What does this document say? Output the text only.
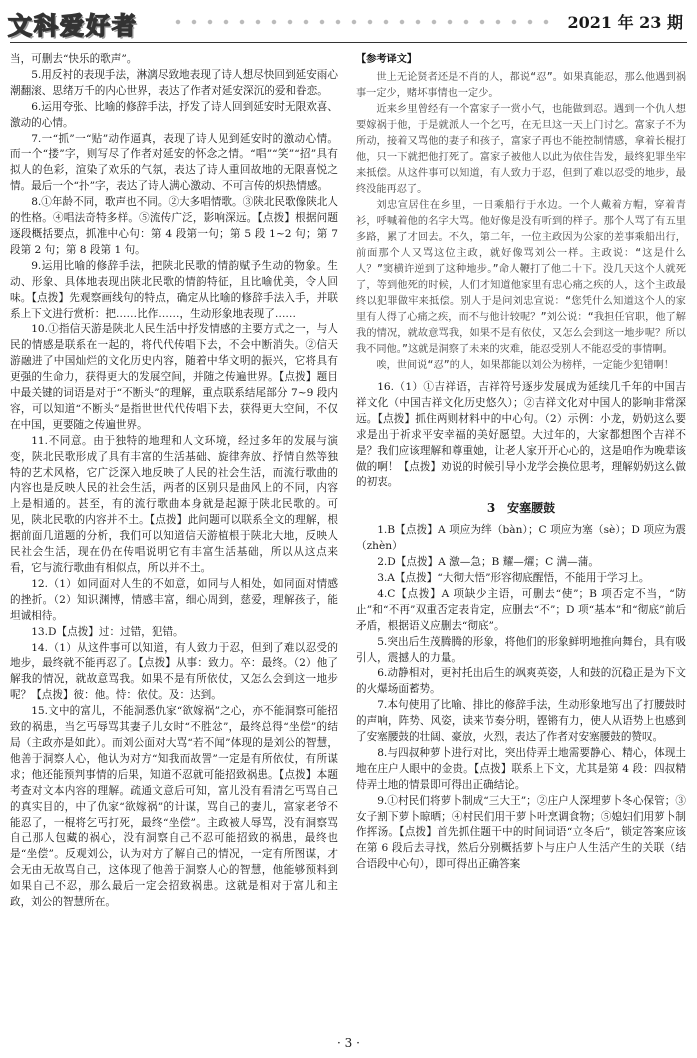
文科爱好者	2021 年 23 期

当，可删去“快乐的歌声”。

5.用反衬的表现手法，淋漓尽致地表现了诗人想尽快回到延安雨心潮翻滚、思绪万千的内心世界，表达了作者对延安深沉的爱和眷恋。

6.运用夸张、比喻的修辞手法，抒发了诗人回到延安时无限欢喜、激动的心情。

7.一“抓”一“贴”动作逼真，表现了诗人见到延安时的激动心情。而一个“搂”字，则写尽了作者对延安的怀念之情。“唱”“笑”“招”具有拟人的色彩，渲染了欢乐的气氛，表达了诗人重回故地的无限喜悦之情。最后一个“扑”字，表达了诗人满心激动、不可言传的炽热情感。

8.①年龄不同，歌声也不同。②大多唱情歌。③陕北民歌像陕北人的性格。④唱法奇特多样。⑤流传广泛，影响深远。【点拨】根据问题逐段概括要点，抓准中心句：第 4 段第一句；第 5 段 1~2 句；第 7 段第 2 句；第 8 段第 1 句。

9.运用比喻的修辞手法，把陕北民歌的情韵赋予生动的物象。生动、形象、具体地表现出陕北民歌的情韵特征，且比喻优美，令人回味。【点拨】先观察画线句的特点，确定从比喻的修辞手法入手，并联系上下文进行赏析：把……比作……，生动形象地表现了……

10.①指信天游是陕北人民生活中抒发情感的主要方式之一，与人民的情感是联系在一起的，将代代传唱下去，不会中断消失。②信天游融进了中国灿烂的文化历史内容，随着中华文明的振兴，它将具有更强的生命力，获得更大的发展空间，并随之传遍世界。【点拨】题目中最关键的词语是对于“不断头”的理解，重点联系结尾部分 7~9 段内容，可以知道“不断头”是指世世代代传唱下去，获得更大空间，不仅在中国，更要随之传遍世界。

11.不同意。由于独特的地理和人文环境，经过多年的发展与演变，陕北民歌形成了具有丰富的生活基础、旋律奔放、抒情自然等独特的艺术风格，它广泛深入地反映了人民的社会生活，而流行歌曲的内容也是反映人民的社会生活，两者的区别只是曲风上的不同，内容上是相通的。甚至，有的流行歌曲本身就是起源于陕北民歌的。可见，陕北民歌的内容并不土。【点拨】此问题可以联系全文的理解，根据前面几道题的分析，我们可以知道信天游植根于陕北大地，反映人民社会生活，现在仍在传唱说明它有丰富生活基础，所以从这点来看，它与流行歌曲有相似点，所以并不土。

12.（1）如同面对人生的不如意，如同与人相处，如同面对情感的挫折。（2）知识渊博，情感丰富，细心周到，慈爱，理解孩子，能坦诚相待。

13.D【点拨】过：过错，犯错。

14.（1）从这件事可以知道，有人致力于忍，但到了难以忍受的地步，最终就不能再忍了。【点拨】从事：致力。卒：最终。（2）他了解我的情况，就故意骂我。如果不是有所依仗，又怎么会到这一地步呢？【点拨】彼：他。恃：依仗。及：达到。

15.文中的富儿，不能洞悉仇家“欲嫁祸”之心，亦不能洞察可能招致的祸患，当乞丐辱骂其妻子儿女时“不胜忿”，最终总得“坐偿”的结局（主政亦是如此）。而刘公面对大骂“若不闻”体现的是刘公的智慧，他善于洞察人心，他认为对方“知我而故詈”一定是有所依仗，有所谋求；他还能预判事情的后果，知道不忍就可能招致祸患。【点拨】本题考查对文本内容的理解。疏通文意后可知，富儿没有看清乞丐骂自己的真实目的，中了仇家“欲嫁祸”的计谋，骂自己的妻儿，富家老爷不能忍了，一棍将乞丐打死，最终“坐偿”。主政被人辱骂，没有洞察骂自己那人包藏的祸心，没有洞察自己不忍可能招致的祸患，最终也是“坐偿”。反观刘公，认为对方了解自己的情况，一定有所图谋，才会无由无故骂自己，这体现了他善于洞察人心的智慧，他能够预料到如果自己不忍，那么最后一定会招致祸患。这就是相对于富儿和主政，刘公的智慧所在。

【参考译文】

世上无论贤者还是不肖的人，都说“忍”。如果真能忍，那么他遇到祸事一定少，赌坏事情也一定少。

近来乡里曾经有一个富家子一赏小气，也能做到忍。遇到一个仇人想要嫁祸于他，于是就派人一个乞丐，在无旦这一天上门讨乞。富家子不为所动，接着又骂他的妻子和孩子，富家子再也不能控制情感，拿着长棍打他，只一下就把他打死了。富家子被他人以此为依住告发，最终犯罪坐牢来抵偿。从这件事可以知道，有人致力于忍，但到了难以忍受的地步，最终没能再忍了。

刘忠宣居住在乡里，一日乘船行于水边。一个人戴着方帽，穿着青衫，呼喊着他的名字大骂。他好像是没有听到的样子。那个人骂了有五里多路，累了才回去。不久，第二年，一位主政因为公家的差事乘船出行，前面那个人又骂这位主政，就好像骂刘公一样。主政说：“这是什么人？”窦横许逆到了这种地步。”命人鞭打了他二十下。没几天这个人就死了，等到他死的时候，人们才知道他家里有忠心痛之疾的人，这个主政最终以犯罪做牢来抵偿。别人于是问刘忠宣说：“您凭什么知道这个人的家里有人得了心痛之疾，而不与他计较呢？”刘公说：“我担任官职，他了解我的情况，就故意骂我，如果不是有依仗，又怎么会到这一地步呢？所以我不同他。”这就是洞察了未来的灾难，能忍受别人不能忍受的事情啊。

唉，世间说“忍”的人，如果都能以刘公为榜样，一定能少犯错啊！

16.（1）①吉祥语，吉祥符号逐步发展成为延续几千年的中国吉祥文化（中国吉祥文化历史悠久）；②吉祥文化对中国人的影响非常深远。【点拨】抓住两则材料中的中心句。（2）示例：小龙，奶奶这么要求是出于祈求平安幸福的美好愿望。大过年的，大家都想图个吉祥不是？我们应该理解和尊重她，让老人家开开心心的，这是咱作为晚辈该做的啊！【点拨】劝说的时候引导小龙学会换位思考，理解奶奶这么做的初衷。

3　安塞腰鼓

1.B【点拨】A 项应为绊（bàn）；C 项应为塞（sè）；D 项应为震（zhèn）

2.D【点拨】A 激—急；B 耀—燿；C 满—蒲。

3.A【点拨】“大彻大悟”形容彻底醒悟，不能用于学习上。

4.C【点拨】A 项缺少主语，可删去“使”；B 项否定不当，“防止”和“不再”双重否定表肯定，应删去“不”；D 项“基本”和“彻底”前后矛盾，根据语义应删去“彻底”。

5.突出后生茂腾腾的形象，将他们的形象鲜明地推向舞台，具有吸引人，震撼人的力量。

6.动静相对，更衬托出后生的飒爽英姿，人和鼓的沉稳正是为下文的火爆场面蓄势。

7.本句使用了比喻、排比的修辞手法，生动形象地写出了打腰鼓时的声响，阵势、风姿，读来节奏分明，铿锵有力，使人从语势上也感到了安塞腰鼓的壮阔、豪放，火烈，表达了作者对安塞腰鼓的赞叹。

8.与四叔种萝卜进行对比，突出侍弄土地需要静心、精心，体现土地在庄户人眼中的金贵。【点拨】联系上下文，尤其是第 4 段：四叔精侍弄土地的情景即可得出正确结论。

9.①村民们将萝卜制成“三大王”；②庄户人深埋萝卜冬心保管；③女子割下萝卜晾晒；④村民们用干萝卜叶烹调食物；⑤媳妇们用萝卜制作挥汤。【点拨】首先抓住题干中的时间词语“立冬后”，锁定答案应该在第 6 段后去寻找，然后分别概括萝卜与庄户人生活产生的关联（结合语段中心句），即可得出正确答案

· 3 ·
